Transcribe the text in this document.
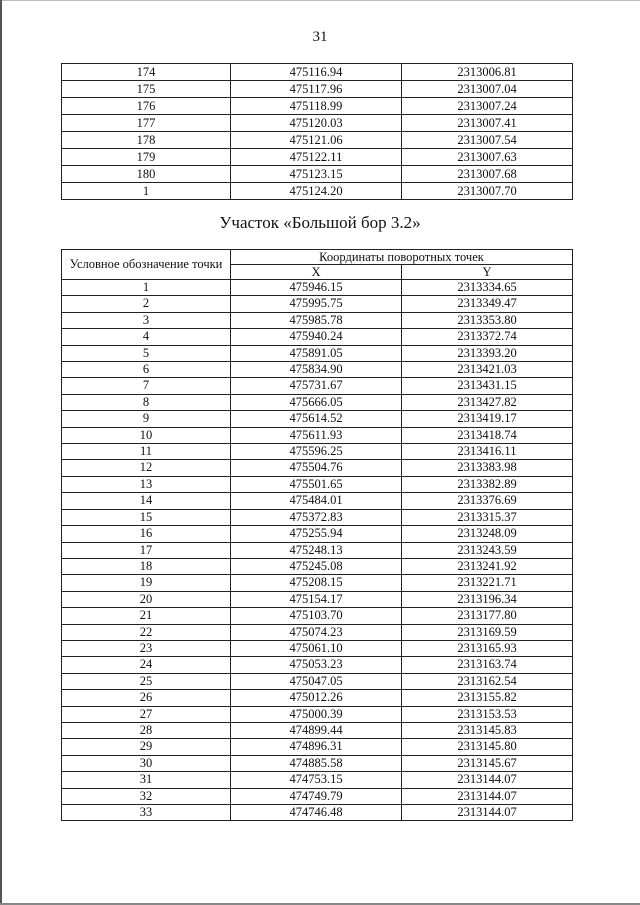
31
174	475116.94	2313006.81
175	475117.96	2313007.04
176	475118.99	2313007.24
177	475120.03	2313007.41
178	475121.06	2313007.54
179	475122.11	2313007.63
180	475123.15	2313007.68
1	475124.20	2313007.70
Участок «Большой бор 3.2»
Условное обозначение точки	Координаты поворотных точек	
	X	Y
1	475946.15	2313334.65
2	475995.75	2313349.47
3	475985.78	2313353.80
4	475940.24	2313372.74
5	475891.05	2313393.20
6	475834.90	2313421.03
7	475731.67	2313431.15
8	475666.05	2313427.82
9	475614.52	2313419.17
10	475611.93	2313418.74
11	475596.25	2313416.11
12	475504.76	2313383.98
13	475501.65	2313382.89
14	475484.01	2313376.69
15	475372.83	2313315.37
16	475255.94	2313248.09
17	475248.13	2313243.59
18	475245.08	2313241.92
19	475208.15	2313221.71
20	475154.17	2313196.34
21	475103.70	2313177.80
22	475074.23	2313169.59
23	475061.10	2313165.93
24	475053.23	2313163.74
25	475047.05	2313162.54
26	475012.26	2313155.82
27	475000.39	2313153.53
28	474899.44	2313145.83
29	474896.31	2313145.80
30	474885.58	2313145.67
31	474753.15	2313144.07
32	474749.79	2313144.07
33	474746.48	2313144.07
